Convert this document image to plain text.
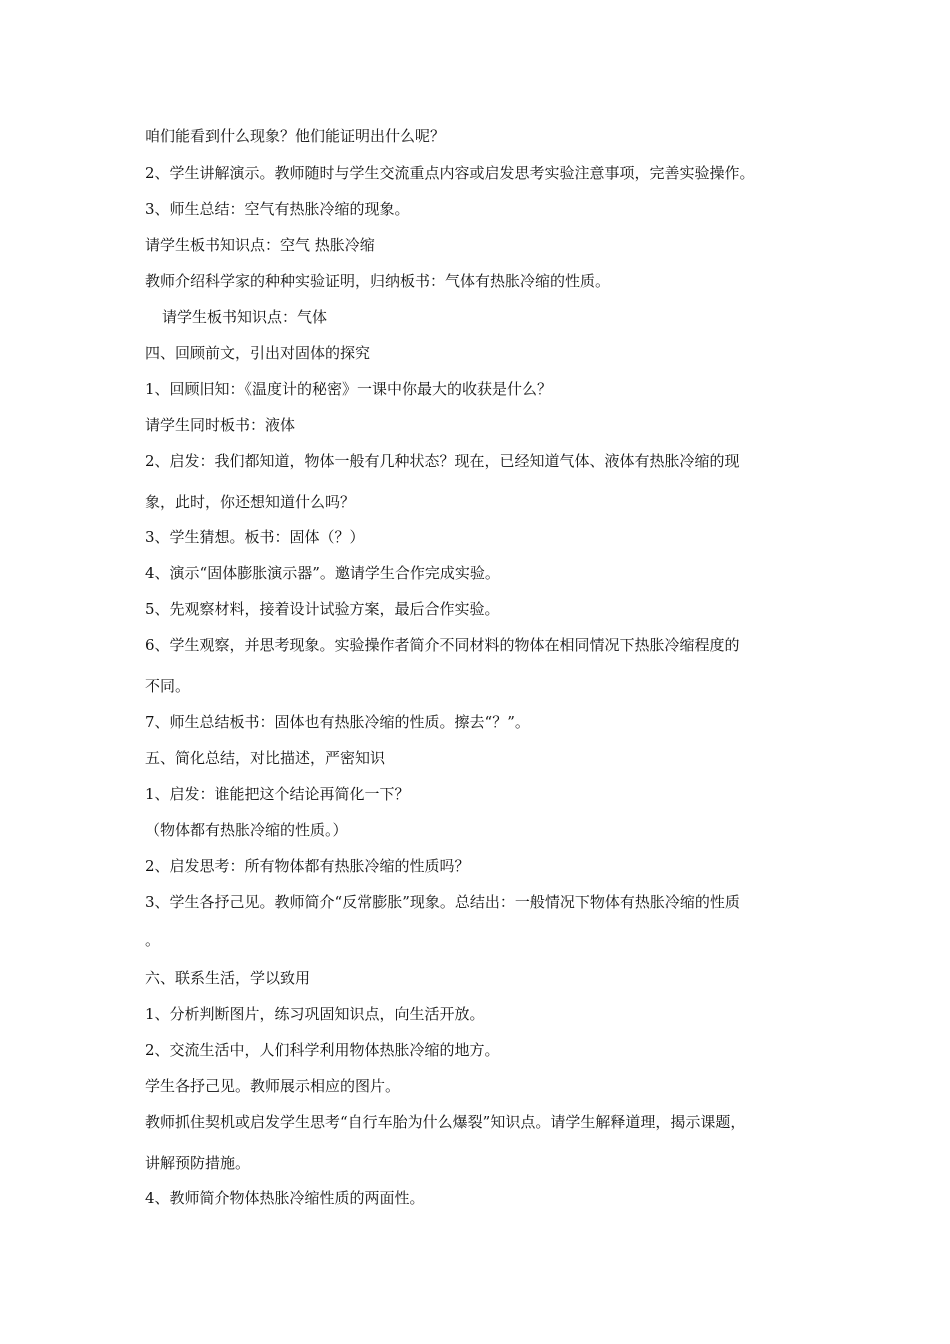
咱们能看到什么现象？他们能证明出什么呢？

2、学生讲解演示。教师随时与学生交流重点内容或启发思考实验注意事项，完善实验操作。

3、师生总结：空气有热胀冷缩的现象。

请学生板书知识点：空气 热胀冷缩

教师介绍科学家的种种实验证明，归纳板书：气体有热胀冷缩的性质。

请学生板书知识点：气体

四、回顾前文，引出对固体的探究

1、回顾旧知：《温度计的秘密》一课中你最大的收获是什么？

请学生同时板书：液体

2、启发：我们都知道，物体一般有几种状态？现在，已经知道气体、液体有热胀冷缩的现

象，此时，你还想知道什么吗？

3、学生猜想。板书：固体（？）

4、演示“固体膨胀演示器”。邀请学生合作完成实验。

5、先观察材料，接着设计试验方案，最后合作实验。

6、学生观察，并思考现象。实验操作者简介不同材料的物体在相同情况下热胀冷缩程度的

不同。

7、师生总结板书：固体也有热胀冷缩的性质。擦去“？”。

五、简化总结，对比描述，严密知识

1、启发：谁能把这个结论再简化一下？

（物体都有热胀冷缩的性质。）

2、启发思考：所有物体都有热胀冷缩的性质吗？

3、学生各抒己见。教师简介“反常膨胀”现象。总结出：一般情况下物体有热胀冷缩的性质

。

六、联系生活，学以致用

1、分析判断图片，练习巩固知识点，向生活开放。

2、交流生活中，人们科学利用物体热胀冷缩的地方。

学生各抒己见。教师展示相应的图片。

教师抓住契机或启发学生思考“自行车胎为什么爆裂”知识点。请学生解释道理，揭示课题，

讲解预防措施。

4、教师简介物体热胀冷缩性质的两面性。
